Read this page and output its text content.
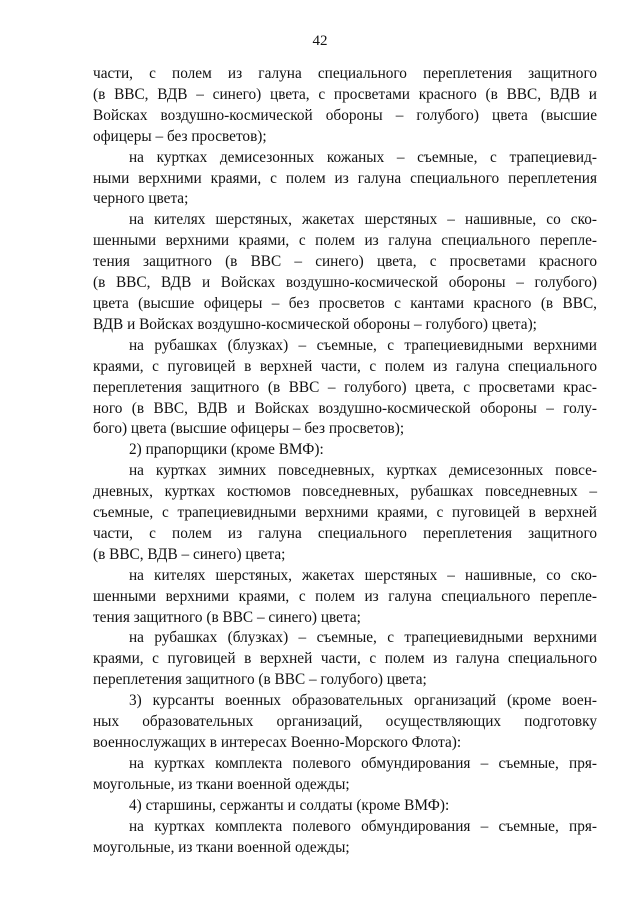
42

части, с полем из галуна специального переплетения защитного
(в ВВС, ВДВ – синего) цвета, с просветами красного (в ВВС, ВДВ и
Войсках воздушно-космической обороны – голубого) цвета (высшие
офицеры – без просветов);

на куртках демисезонных кожаных – съемные, с трапециевид-
ными верхними краями, с полем из галуна специального переплетения
черного цвета;

на кителях шерстяных, жакетах шерстяных – нашивные, со ско-
шенными верхними краями, с полем из галуна специального перепле-
тения защитного (в ВВС – синего) цвета, с просветами красного
(в ВВС, ВДВ и Войсках воздушно-космической обороны – голубого)
цвета (высшие офицеры – без просветов с кантами красного (в ВВС,
ВДВ и Войсках воздушно-космической обороны – голубого) цвета);

на рубашках (блузках) – съемные, с трапециевидными верхними
краями, с пуговицей в верхней части, с полем из галуна специального
переплетения защитного (в ВВС – голубого) цвета, с просветами крас-
ного (в ВВС, ВДВ и Войсках воздушно-космической обороны – голу-
бого) цвета (высшие офицеры – без просветов);

2) прапорщики (кроме ВМФ):

на куртках зимних повседневных, куртках демисезонных повсе-
дневных, куртках костюмов повседневных, рубашках повседневных –
съемные, с трапециевидными верхними краями, с пуговицей в верхней
части, с полем из галуна специального переплетения защитного
(в ВВС, ВДВ – синего) цвета;

на кителях шерстяных, жакетах шерстяных – нашивные, со ско-
шенными верхними краями, с полем из галуна специального перепле-
тения защитного (в ВВС – синего) цвета;

на рубашках (блузках) – съемные, с трапециевидными верхними
краями, с пуговицей в верхней части, с полем из галуна специального
переплетения защитного (в ВВС – голубого) цвета;

3) курсанты военных образовательных организаций (кроме воен-
ных образовательных организаций, осуществляющих подготовку
военнослужащих в интересах Военно-Морского Флота):

на куртках комплекта полевого обмундирования – съемные, пря-
моугольные, из ткани военной одежды;

4) старшины, сержанты и солдаты (кроме ВМФ):

на куртках комплекта полевого обмундирования – съемные, пря-
моугольные, из ткани военной одежды;
